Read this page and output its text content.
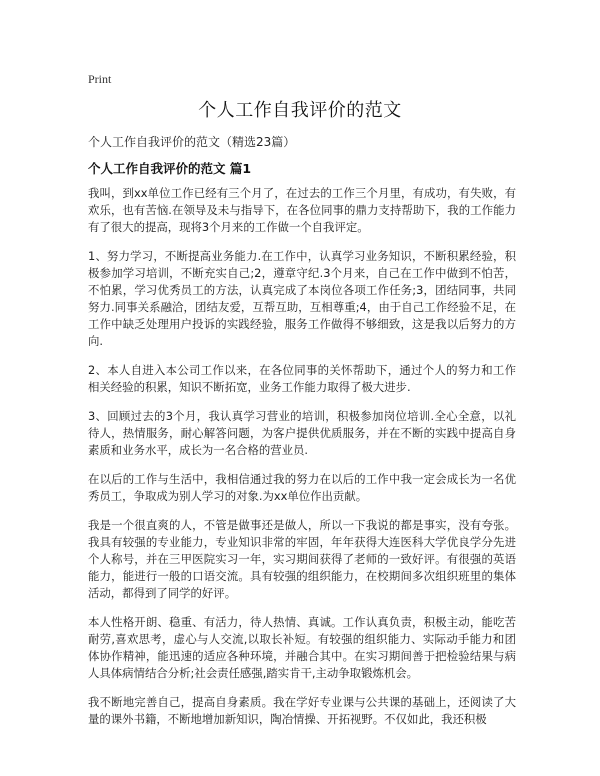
Print
个人工作自我评价的范文
个人工作自我评价的范文（精选23篇）
个人工作自我评价的范文 篇1

我叫，到xx单位工作已经有三个月了，在过去的工作三个月里，有成功，有失败，有欢乐，也有苦恼.在领导及未与指导下，在各位同事的鼎力支持帮助下，我的工作能力有了很大的提高，现将3个月来的工作做一个自我评定。

1、努力学习，不断提高业务能力.在工作中，认真学习业务知识，不断积累经验，积极参加学习培训，不断充实自己;2，遵章守纪.3个月来，自己在工作中做到不怕苦，不怕累，学习优秀员工的方法，认真完成了本岗位各项工作任务;3，团结同事，共同努力.同事关系融洽，团结友爱，互帮互助，互相尊重;4，由于自己工作经验不足，在工作中缺乏处理用户投诉的实践经验，服务工作做得不够细致，这是我以后努力的方向.

2、本人自进入本公司工作以来，在各位同事的关怀帮助下，通过个人的努力和工作相关经验的积累，知识不断拓宽，业务工作能力取得了极大进步.

3、回顾过去的3个月，我认真学习营业的培训，积极参加岗位培训.全心全意，以礼待人，热情服务，耐心解答问题，为客户提供优质服务，并在不断的实践中提高自身素质和业务水平，成长为一名合格的营业员.

在以后的工作与生活中，我相信通过我的努力在以后的工作中我一定会成长为一名优秀员工，争取成为别人学习的对象.为xx单位作出贡献。

我是一个很直爽的人，不管是做事还是做人，所以一下我说的都是事实，没有夸张。我具有较强的专业能力，专业知识非常的牢固，年年获得大连医科大学优良学分先进个人称号，并在三甲医院实习一年，实习期间获得了老师的一致好评。有很强的英语能力，能进行一般的口语交流。具有较强的组织能力，在校期间多次组织班里的集体活动，都得到了同学的好评。

本人性格开朗、稳重、有活力，待人热情、真诚。工作认真负责，积极主动，能吃苦耐劳,喜欢思考，虚心与人交流,以取长补短。有较强的组织能力、实际动手能力和团体协作精神，能迅速的适应各种环境，并融合其中。在实习期间善于把检验结果与病人具体病情结合分析;社会责任感强,踏实肯干,主动争取锻炼机会。

我不断地完善自己，提高自身素质。我在学好专业课与公共课的基础上，还阅读了大量的课外书籍，不断地增加新知识，陶冶情操、开拓视野。不仅如此，我还积极
